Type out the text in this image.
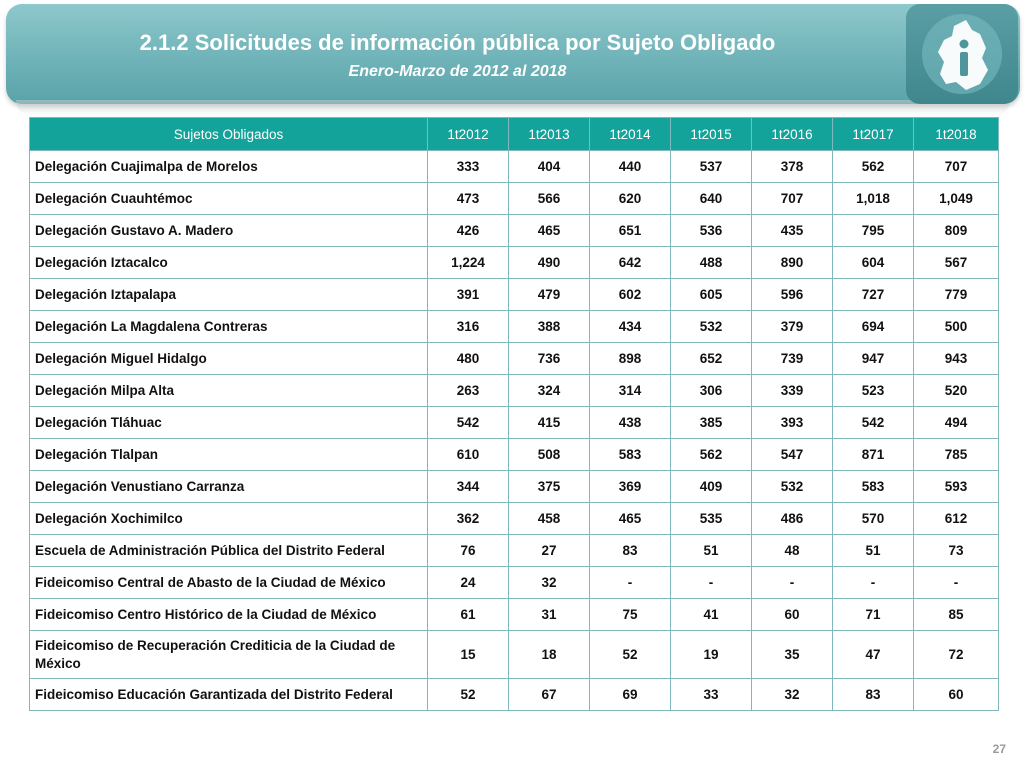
2.1.2 Solicitudes de información pública por Sujeto Obligado
Enero-Marzo de 2012 al 2018
Sujetos Obligados	1t2012	1t2013	1t2014	1t2015	1t2016	1t2017	1t2018
Delegación Cuajimalpa de Morelos	333	404	440	537	378	562	707
Delegación Cuauhtémoc	473	566	620	640	707	1,018	1,049
Delegación Gustavo A. Madero	426	465	651	536	435	795	809
Delegación Iztacalco	1,224	490	642	488	890	604	567
Delegación Iztapalapa	391	479	602	605	596	727	779
Delegación La Magdalena Contreras	316	388	434	532	379	694	500
Delegación Miguel Hidalgo	480	736	898	652	739	947	943
Delegación Milpa Alta	263	324	314	306	339	523	520
Delegación Tláhuac	542	415	438	385	393	542	494
Delegación Tlalpan	610	508	583	562	547	871	785
Delegación Venustiano Carranza	344	375	369	409	532	583	593
Delegación Xochimilco	362	458	465	535	486	570	612
Escuela de Administración Pública del Distrito Federal	76	27	83	51	48	51	73
Fideicomiso Central de Abasto de la Ciudad de México	24	32	-	-	-	-	-
Fideicomiso Centro Histórico de la Ciudad de México	61	31	75	41	60	71	85
Fideicomiso de Recuperación Crediticia de la Ciudad de México	15	18	52	19	35	47	72
Fideicomiso Educación Garantizada del Distrito Federal	52	67	69	33	32	83	60
27
